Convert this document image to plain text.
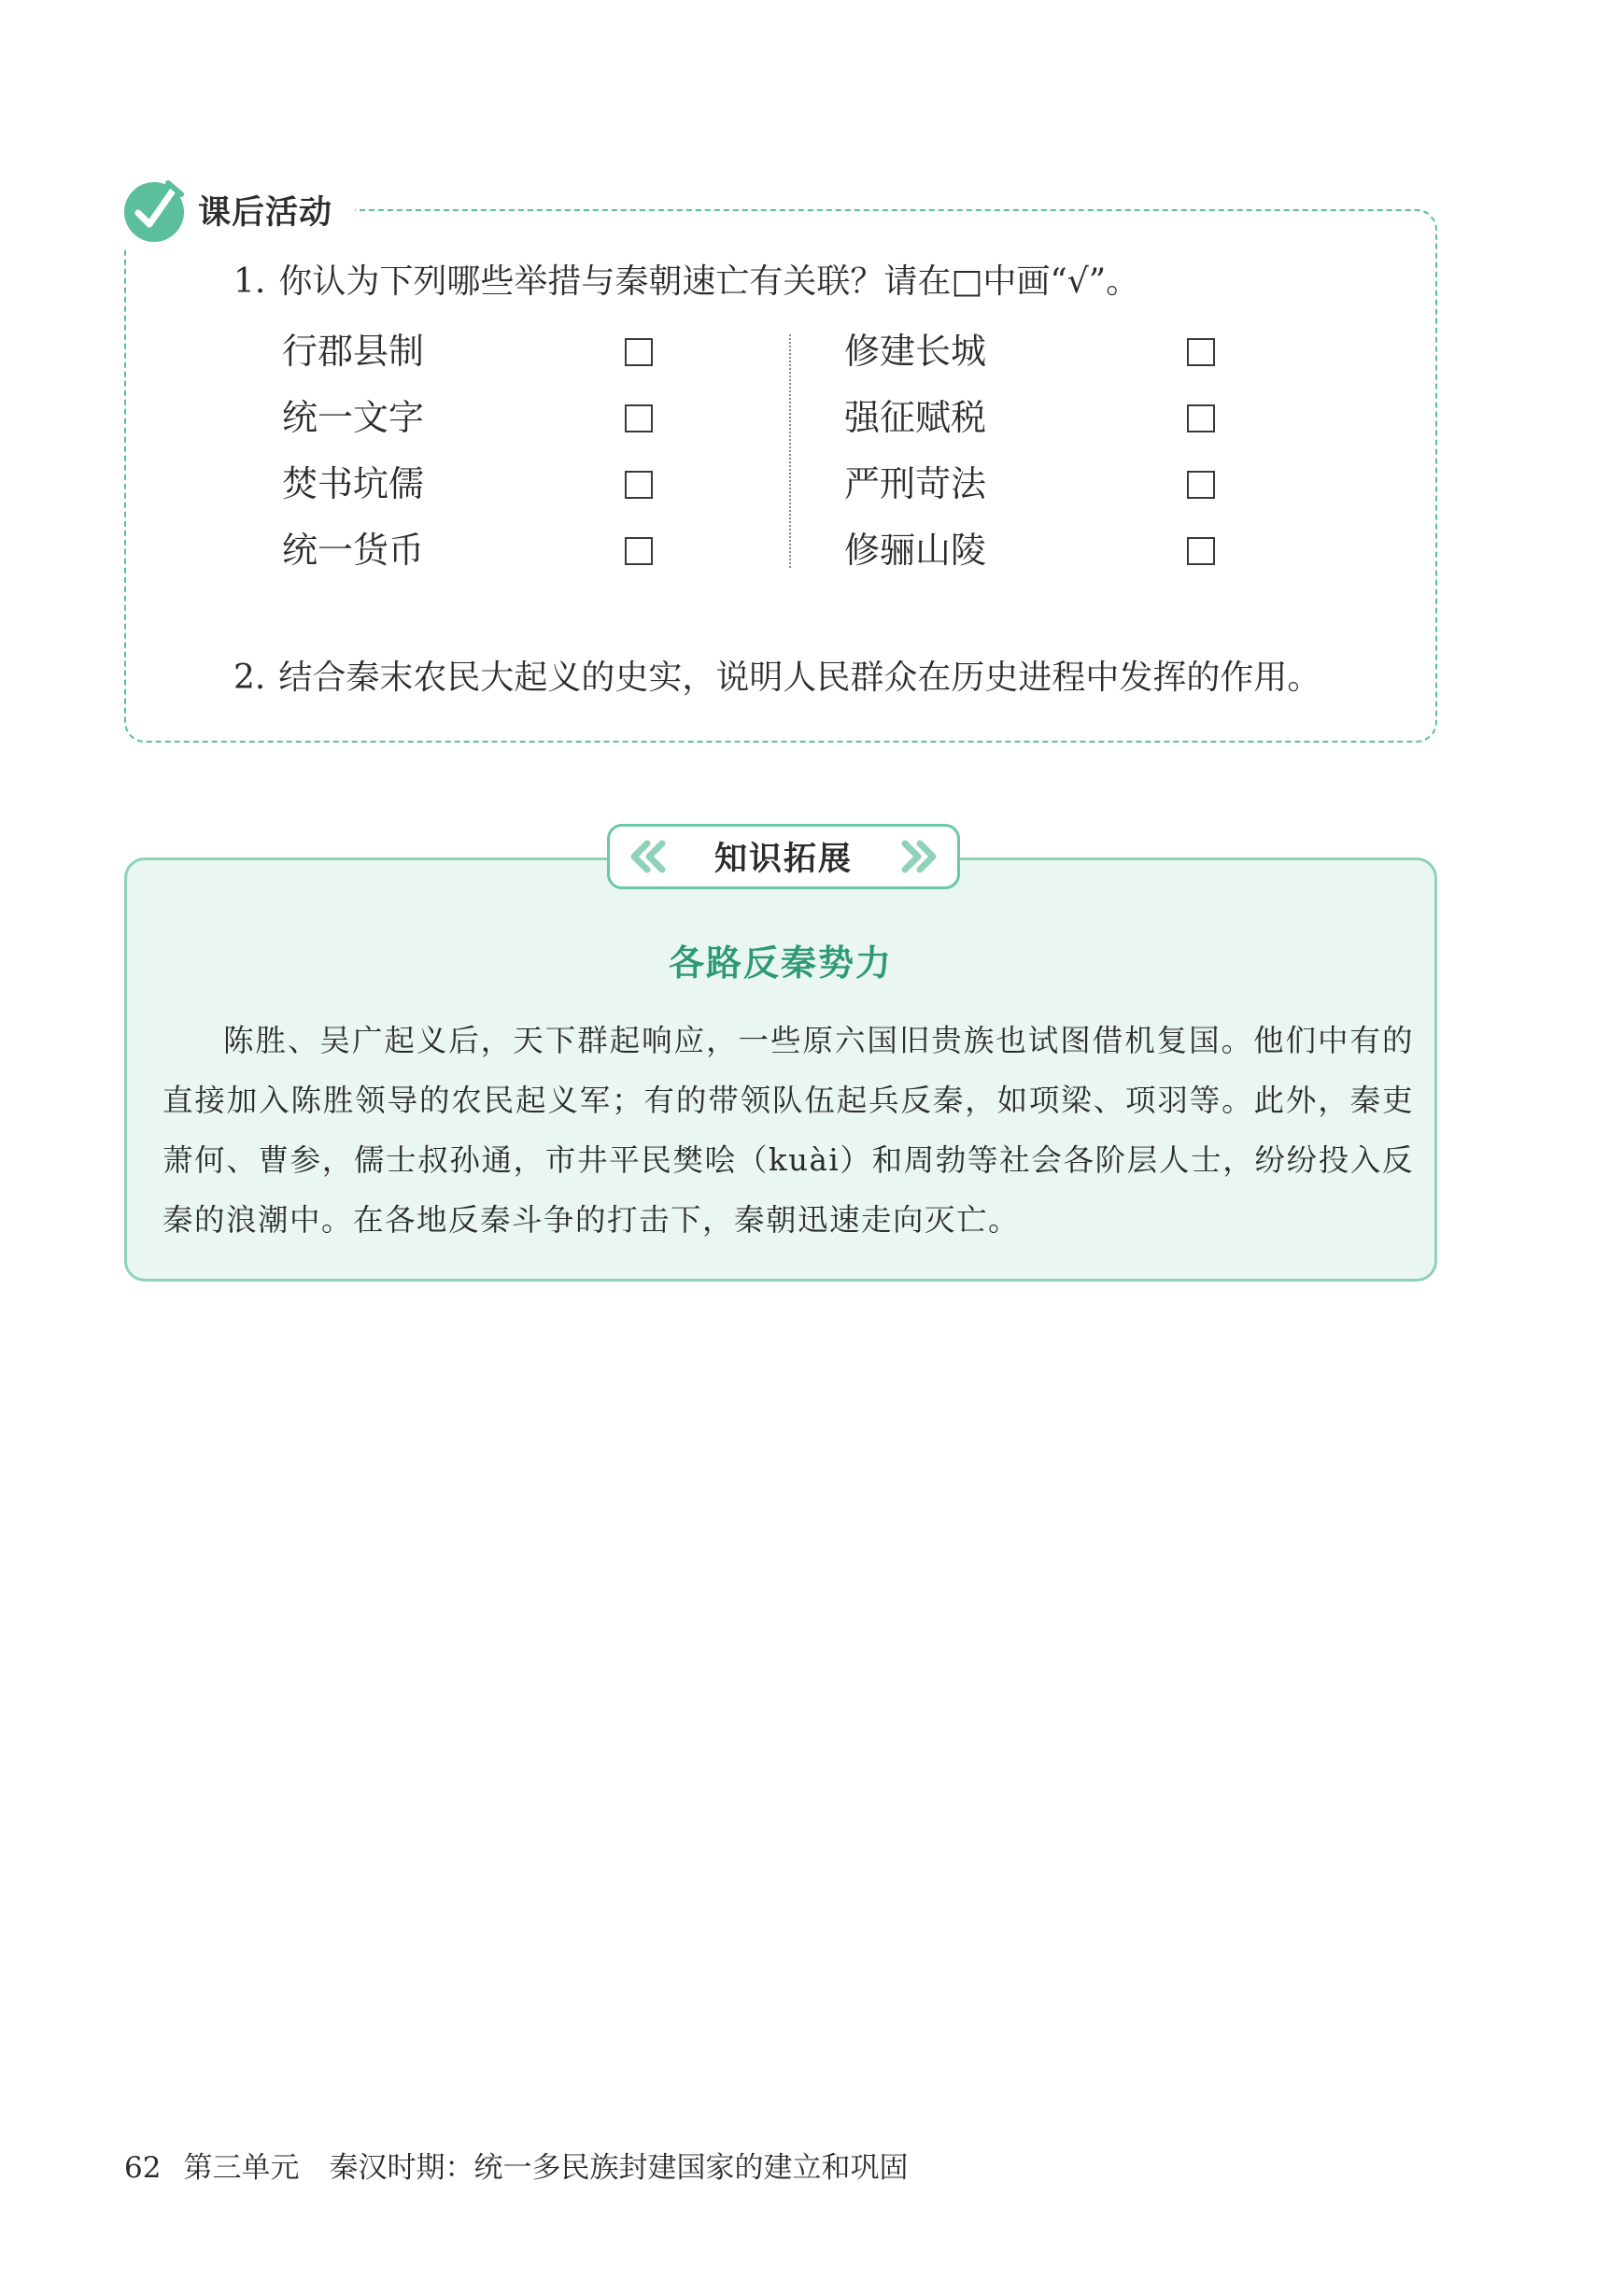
课后活动
1. 你认为下列哪些举措与秦朝速亡有关联？请在□中画“√”。
行郡县制
统一文字
焚书坑儒
统一货币
修建长城
强征赋税
严刑苛法
修骊山陵
2. 结合秦末农民大起义的史实，说明人民群众在历史进程中发挥的作用。
知识拓展
各路反秦势力

陈胜、吴广起义后，天下群起响应，一些原六国旧贵族也试图借机复国。他们中有的直接加入陈胜领导的农民起义军；有的带领队伍起兵反秦，如项梁、项羽等。此外，秦吏萧何、曹参，儒士叔孙通，市井平民樊哙（kuài）和周勃等社会各阶层人士，纷纷投入反秦的浪潮中。在各地反秦斗争的打击下，秦朝迅速走向灭亡。

62 第三单元 秦汉时期：统一多民族封建国家的建立和巩固
